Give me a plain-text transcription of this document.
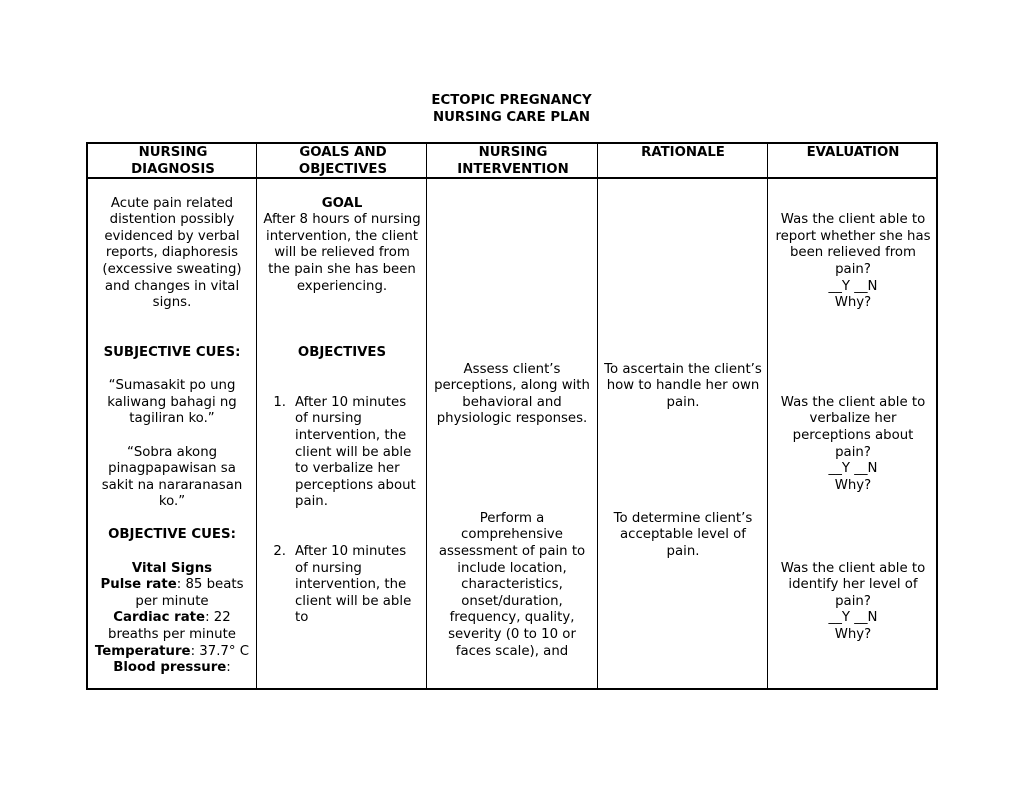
ECTOPIC PREGNANCY
NURSING CARE PLAN
NURSING DIAGNOSIS
GOALS AND OBJECTIVES
NURSING INTERVENTION
RATIONALE	EVALUATION
Acute pain related distention possibly evidenced by verbal reports, diaphoresis (excessive sweating) and changes in vital signs.
SUBJECTIVE CUES:
“Sumasakit po ung kaliwang bahagi ng tagiliran ko.”
“Sobra akong pinagpapawisan sa sakit na nararanasan ko.”
OBJECTIVE CUES:
Vital Signs
Pulse rate: 85 beats per minute
Cardiac rate: 22 breaths per minute
Temperature: 37.7° C
Blood pressure:
GOAL
After 8 hours of nursing intervention, the client will be relieved from the pain she has been experiencing.
OBJECTIVES
1. After 10 minutes of nursing intervention, the client will be able to verbalize her perceptions about pain.
2. After 10 minutes of nursing intervention, the client will be able to
Assess client’s perceptions, along with behavioral and physiologic responses.
Perform a comprehensive assessment of pain to include location, characteristics, onset/duration, frequency, quality, severity (0 to 10 or faces scale), and
To ascertain the client’s how to handle her own pain.
To determine client’s acceptable level of pain.
Was the client able to report whether she has been relieved from pain?
__Y __N
Why?
Was the client able to verbalize her perceptions about pain?
__Y __N
Why?
Was the client able to identify her level of pain?
__Y __N
Why?
